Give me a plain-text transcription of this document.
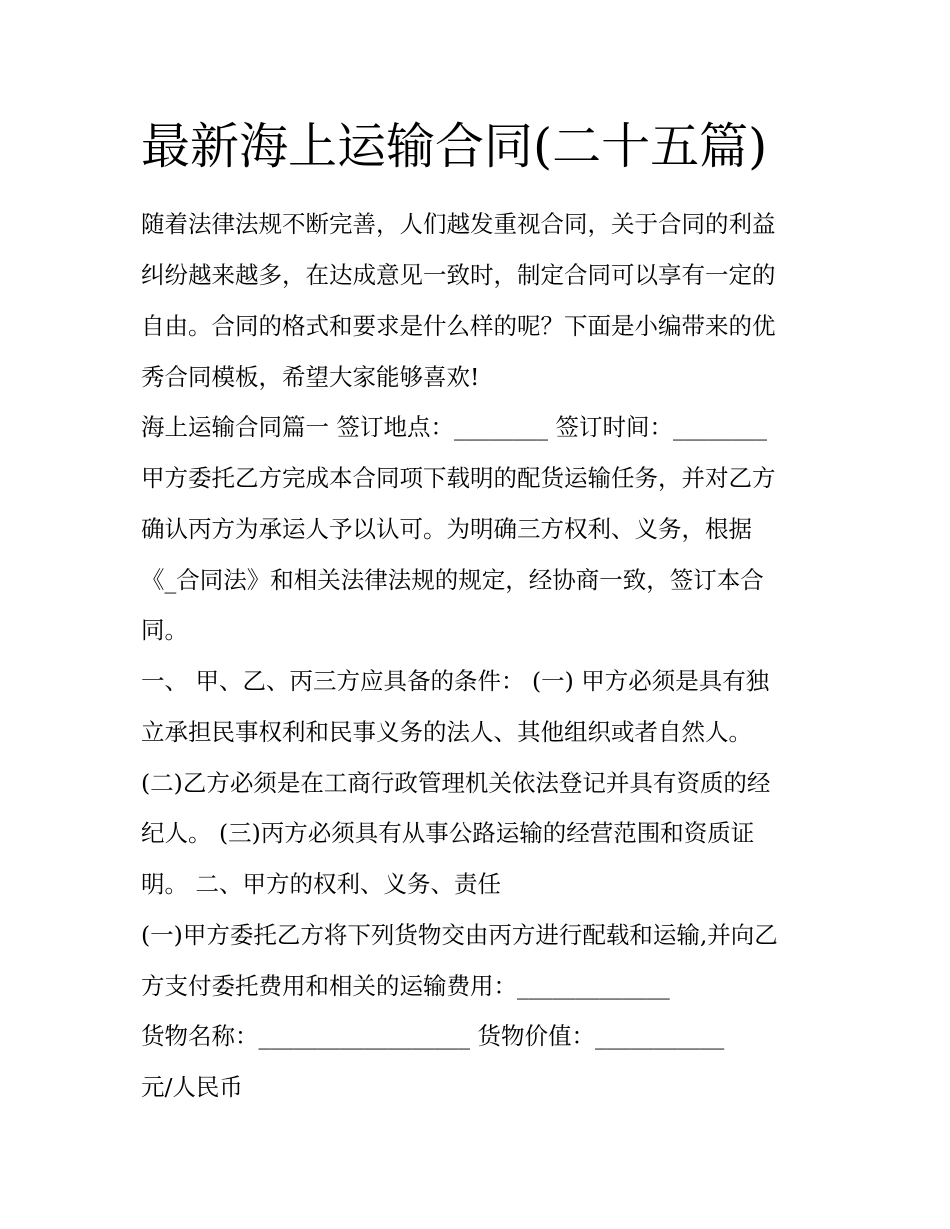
最新海上运输合同(二十五篇)
随着法律法规不断完善，人们越发重视合同，关于合同的利益
纠纷越来越多，在达成意见一致时，制定合同可以享有一定的
自由。合同的格式和要求是什么样的呢？下面是小编带来的优
秀合同模板，希望大家能够喜欢!
海上运输合同篇一 签订地点：________ 签订时间：________
甲方委托乙方完成本合同项下载明的配货运输任务，并对乙方
确认丙方为承运人予以认可。为明确三方权利、义务，根据
《_合同法》和相关法律法规的规定，经协商一致，签订本合
同。
一、 甲、乙、丙三方应具备的条件： (一) 甲方必须是具有独
立承担民事权利和民事义务的法人、其他组织或者自然人。
(二)乙方必须是在工商行政管理机关依法登记并具有资质的经
纪人。 (三)丙方必须具有从事公路运输的经营范围和资质证
明。 二、甲方的权利、义务、责任
(一)甲方委托乙方将下列货物交由丙方进行配载和运输,并向乙
方支付委托费用和相关的运输费用：_____________
货物名称：__________________ 货物价值：___________
元/人民币
